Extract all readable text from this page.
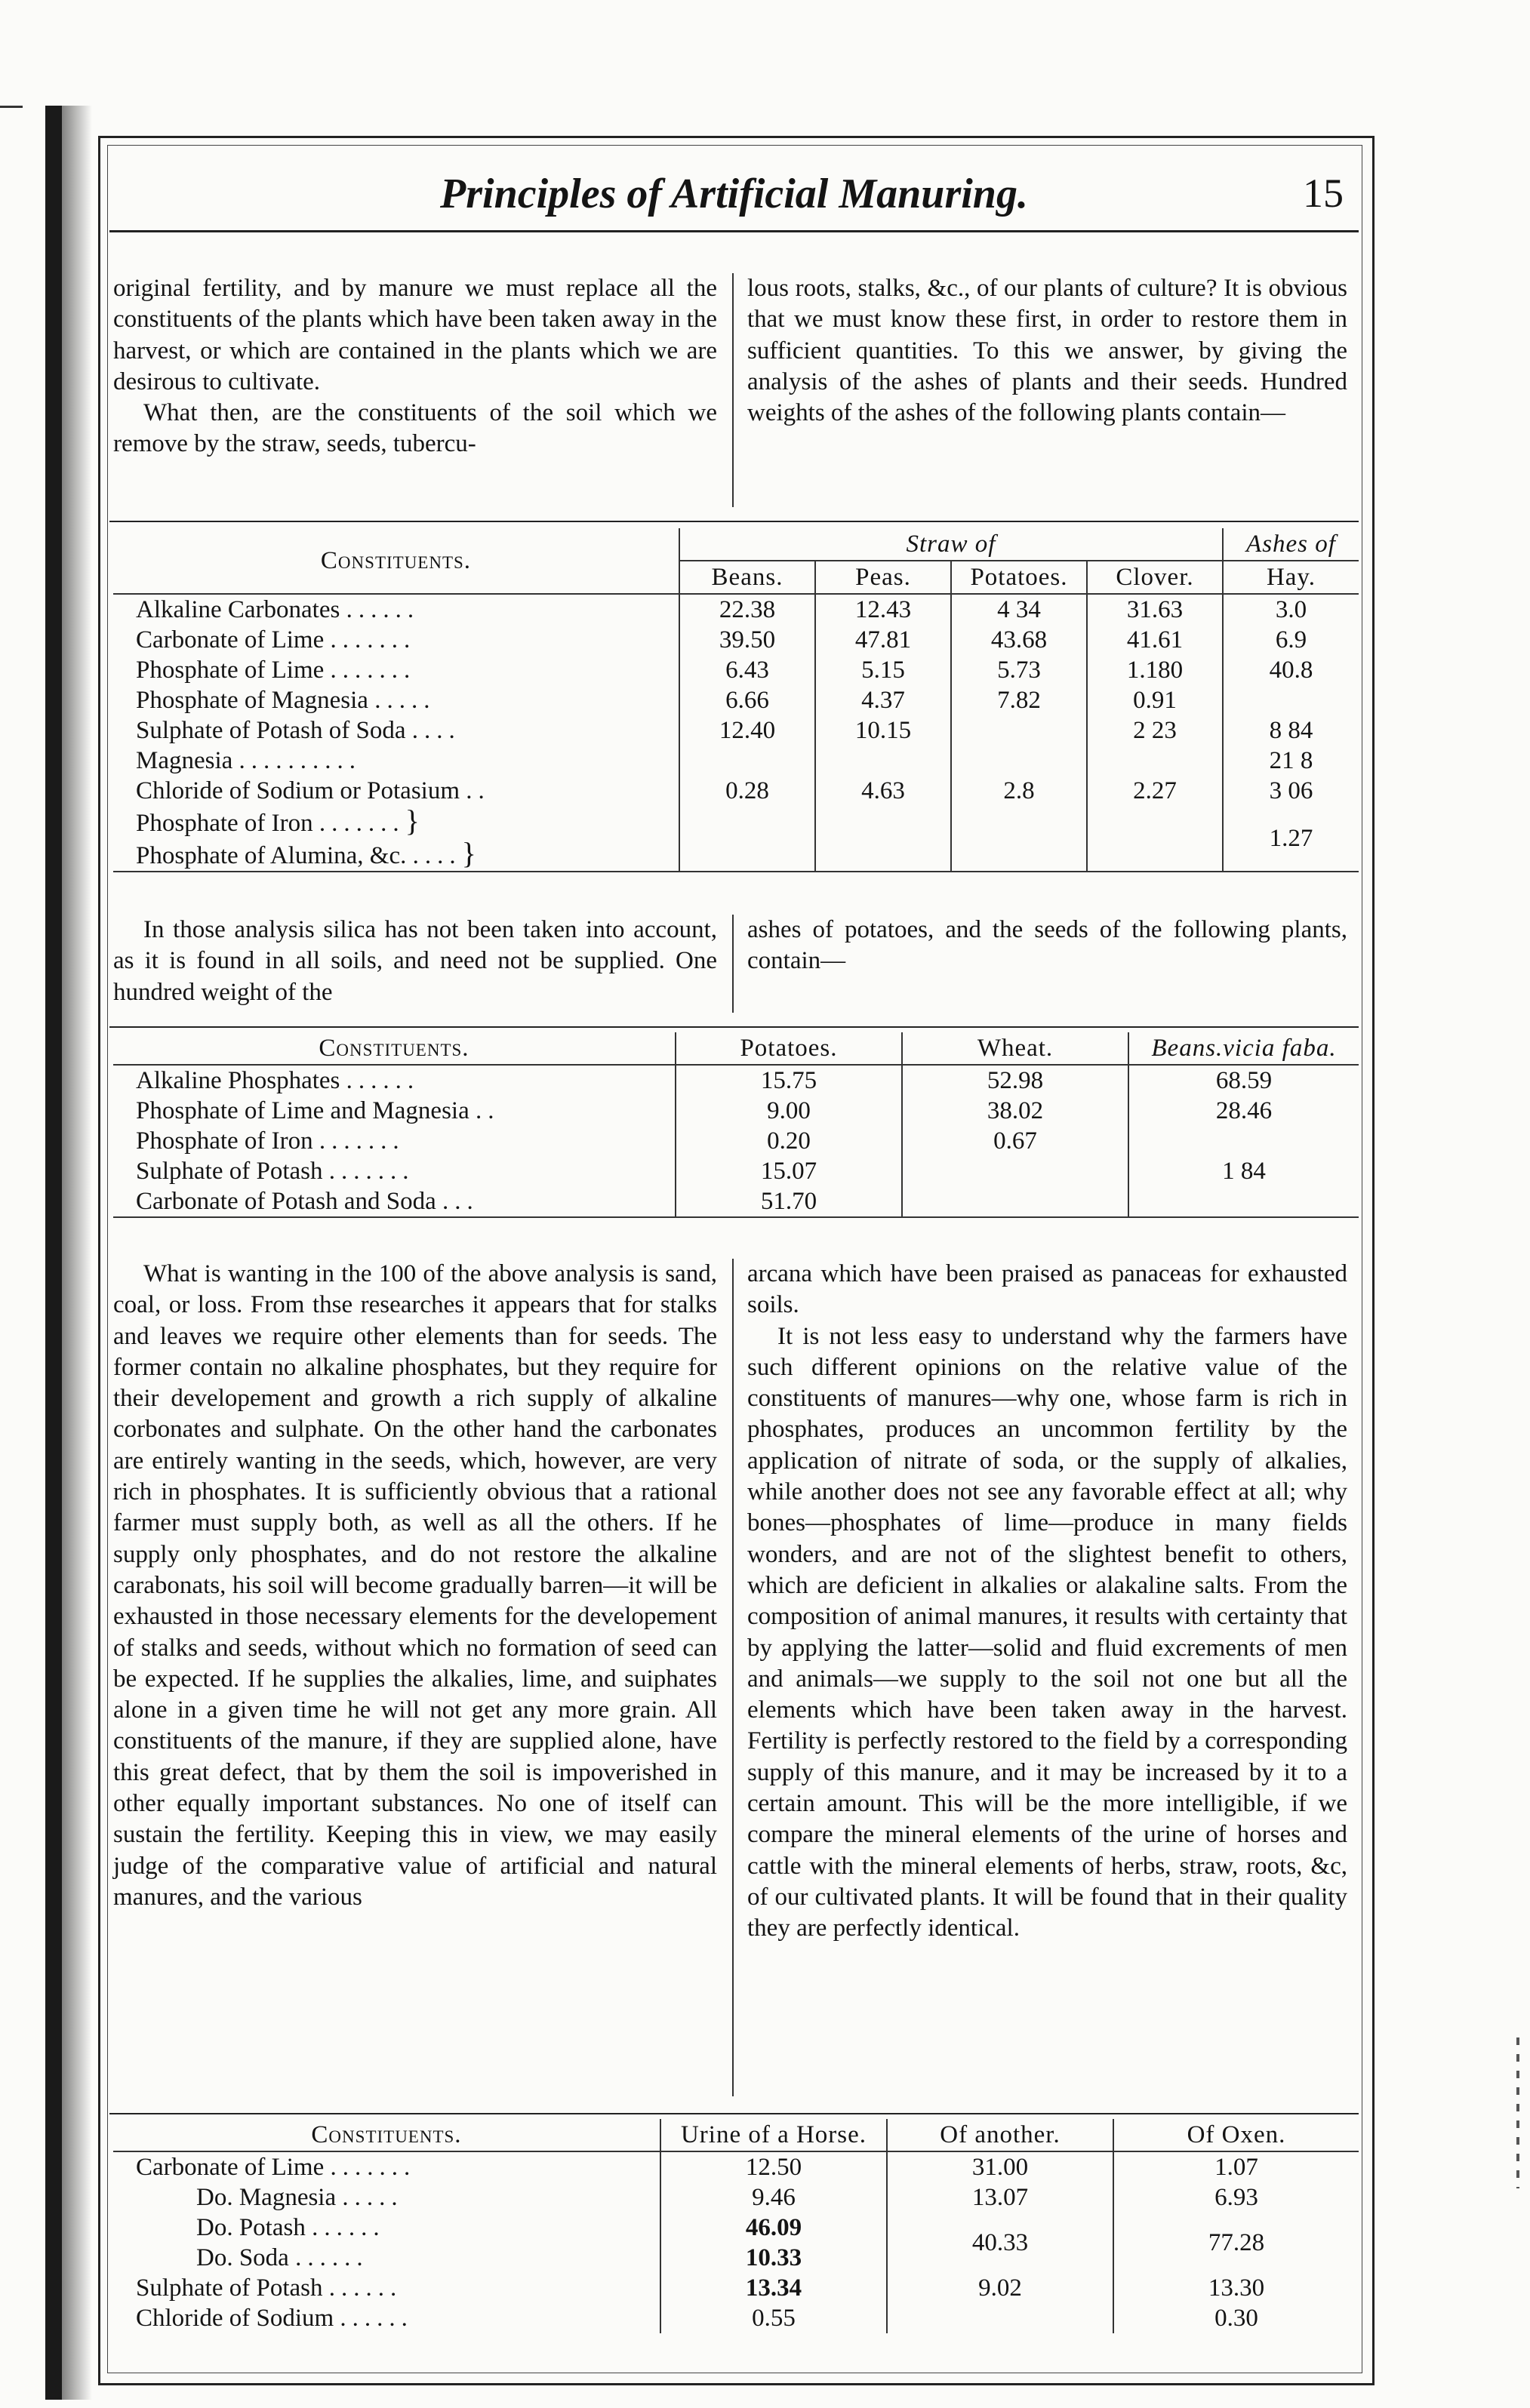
Principles of Artificial Manuring.	15

original fertility, and by manure we must replace all the constituents of the plants which have been taken away in the harvest, or which are contained in the plants which we are desirous to cultivate.

What then, are the constituents of the soil which we remove by the straw, seeds, tubercu-

lous roots, stalks, &c., of our plants of culture? It is obvious that we must know these first, in order to restore them in sufficient quantities. To this we answer, by giving the analysis of the ashes of plants and their seeds. Hundred weights of the ashes of the following plants contain—

Constituents.	Straw of				Ashes of
	Beans.	Peas.	Potatoes.	Clover.	Hay.
Alkaline Carbonates ......	22.38	12.43	4 34	31.63	3.0
Carbonate of Lime .......	39.50	47.81	43.68	41.61	6.9
Phosphate of Lime .......	6.43	5.15	5.73	1.180	40.8
Phosphate of Magnesia .....	6.66	4.37	7.82	0.91	
Sulphate of Potash of Soda ....	12.40	10.15		2 23	8 84
Magnesia ..........					21 8
Chloride of Sodium or Potasium ..	0.28	4.63	2.8	2.27	3 06
Phosphate of Iron .......}					1.27
Phosphate of Alumina, &c. ....}					

In those analysis silica has not been taken into account, as it is found in all soils, and need not be supplied. One hundred weight of the

ashes of potatoes, and the seeds of the following plants, contain—

Constituents.	Potatoes.	Wheat.	Beans.vicia faba.
Alkaline Phosphates ......	15.75	52.98	68.59
Phosphate of Lime and Magnesia ..	9.00	38.02	28.46
Phosphate of Iron .......	0.20	0.67	
Sulphate of Potash .......	15.07		1 84
Carbonate of Potash and Soda ...	51.70		

What is wanting in the 100 of the above analysis is sand, coal, or loss. From thse researches it appears that for stalks and leaves we require other elements than for seeds. The former contain no alkaline phosphates, but they require for their developement and growth a rich supply of alkaline corbonates and sulphate. On the other hand the carbonates are entirely wanting in the seeds, which, however, are very rich in phosphates. It is sufficiently obvious that a rational farmer must supply both, as well as all the others. If he supply only phosphates, and do not restore the alkaline carabonats, his soil will become gradually barren—it will be exhausted in those necessary elements for the developement of stalks and seeds, without which no formation of seed can be expected. If he supplies the alkalies, lime, and suiphates alone in a given time he will not get any more grain. All constituents of the manure, if they are supplied alone, have this great defect, that by them the soil is impoverished in other equally important substances. No one of itself can sustain the fertility. Keeping this in view, we may easily judge of the comparative value of artificial and natural manures, and the various

arcana which have been praised as panaceas for exhausted soils.

It is not less easy to understand why the farmers have such different opinions on the relative value of the constituents of manures—why one, whose farm is rich in phosphates, produces an uncommon fertility by the application of nitrate of soda, or the supply of alkalies, while another does not see any favorable effect at all; why bones—phosphates of lime—produce in many fields wonders, and are not of the slightest benefit to others, which are deficient in alkalies or alakaline salts. From the composition of animal manures, it results with certainty that by applying the latter—solid and fluid excrements of men and animals—we supply to the soil not one but all the elements which have been taken away in the harvest. Fertility is perfectly restored to the field by a corresponding supply of this manure, and it may be increased by it to a certain amount. This will be the more intelligible, if we compare the mineral elements of the urine of horses and cattle with the mineral elements of herbs, straw, roots, &c, of our cultivated plants. It will be found that in their quality they are perfectly identical.

Constituents.	Urine of a Horse.	Of another.	Of Oxen.
Carbonate of Lime .......	12.50	31.00	1.07
Do. Magnesia .....	9.46	13.07	6.93
Do. Potash ......	46.09	40.33	77.28
Do. Soda ......	10.33		
Sulphate of Potash ......	13.34	9.02	13.30
Chloride of Sodium ......	0.55		0.30
